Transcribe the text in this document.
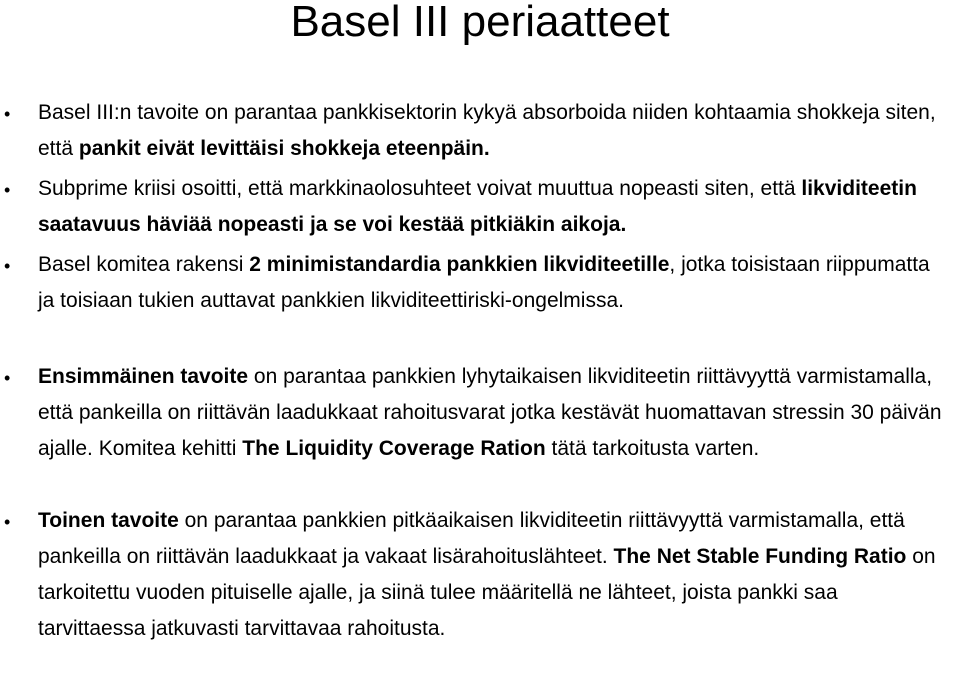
Basel III periaatteet
• Basel III:n tavoite on parantaa pankkisektorin kykyä absorboida niiden kohtaamia shokkeja siten, että pankit eivät levittäisi shokkeja eteenpäin.
• Subprime kriisi osoitti, että markkinaolosuhteet voivat muuttua nopeasti siten, että likviditeetin saatavuus häviää nopeasti ja se voi kestää pitkiäkin aikoja.
• Basel komitea rakensi 2 minimistandardia pankkien likviditeetille, jotka toisistaan riippumatta ja toisiaan tukien auttavat pankkien likviditeettiriski-ongelmissa.
• Ensimmäinen tavoite on parantaa pankkien lyhytaikaisen likviditeetin riittävyyttä varmistamalla, että pankeilla on riittävän laadukkaat rahoitusvarat jotka kestävät huomattavan stressin 30 päivän ajalle. Komitea kehitti The Liquidity Coverage Ration tätä tarkoitusta varten.
• Toinen tavoite on parantaa pankkien pitkäaikaisen likviditeetin riittävyyttä varmistamalla, että pankeilla on riittävän laadukkaat ja vakaat lisärahoituslähteet. The Net Stable Funding Ratio on tarkoitettu vuoden pituiselle ajalle, ja siinä tulee määritellä ne lähteet, joista pankki saa tarvittaessa jatkuvasti tarvittavaa rahoitusta.
